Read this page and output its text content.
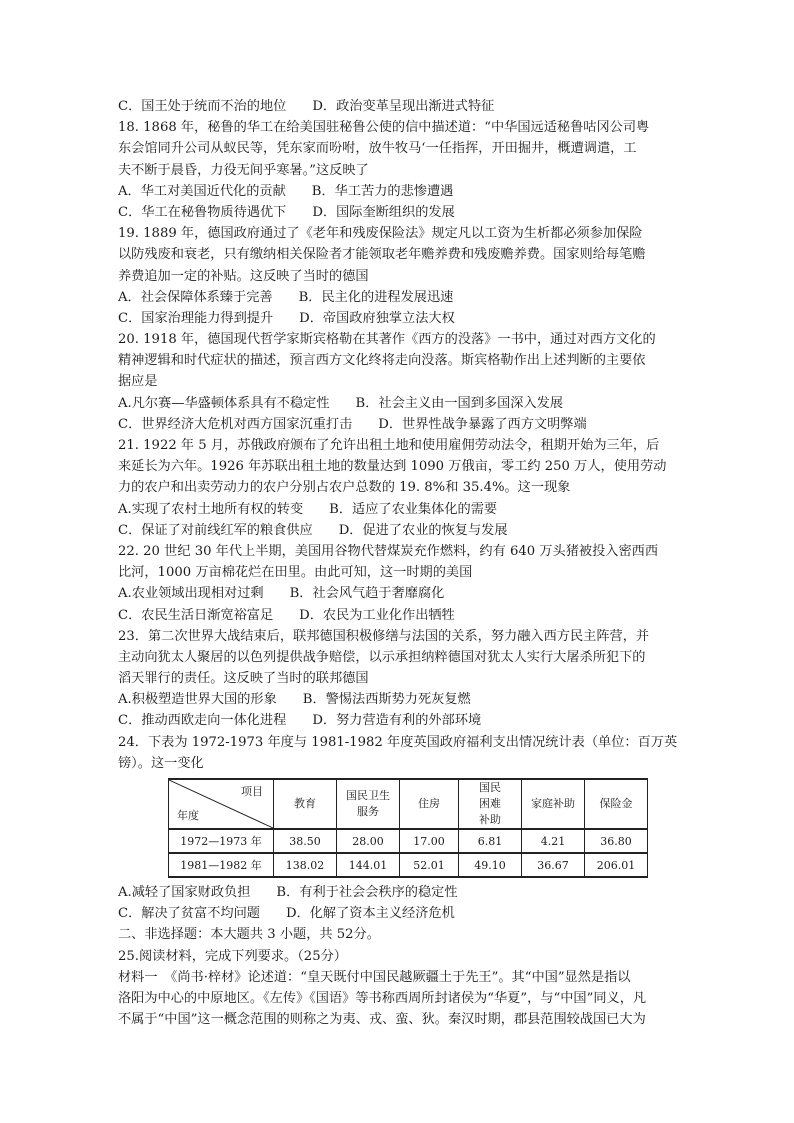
C．国王处于统而不治的地位 D．政治变革呈现出渐进式特征
18. 1868 年，秘鲁的华工在给美国驻秘鲁公使的信中描述道：“中华国远适秘鲁咕冈公司粤
东会馆同升公司从蚁民等，凭东家而吩咐，放牛牧马‘一任指挥，开田掘井，概遭调遣，工
夫不断于晨昏，力役无间乎寒暑。”这反映了
A．华工对美国近代化的贡献 B．华工苦力的悲惨遭遇
C．华工在秘鲁物质待遇优下 D．国际奎断组织的发展
19. 1889 年，德国政府通过了《老年和残废保险法》规定凡以工资为生析都必须参加保险
以防残废和衰老，只有缴纳相关保险者才能领取老年赡养费和残废赡养费。国家则给每笔赡
养费追加一定的补贴。这反映了当时的德国
A．社会保障体系臻于完善 B．民主化的进程发展迅速
C．国家治理能力得到提升 D．帝国政府独掌立法大权
20. 1918 年，德国现代哲学家斯宾格勒在其著作《西方的没落》一书中，通过对西方文化的
精神逻辑和时代症状的描述，预言西方文化终将走向没落。斯宾格勒作出上述判断的主要依
据应是
A.凡尔赛—华盛顿体系具有不稳定性 B．社会主义由一国到多国深入发展
C．世界经济大危机对西方国家沉重打击 D．世界性战争暴露了西方文明弊端
21. 1922 年 5 月，苏俄政府颁布了允许出租土地和使用雇佣劳动法令，租期开始为三年，后
来延长为六年。1926 年苏联出租土地的数量达到 1090 万俄亩，零工约 250 万人，使用劳动
力的农户和出卖劳动力的农户分别占农户总数的 19. 8%和 35.4%。这一现象
A.实现了农村土地所有权的转变 B．适应了农业集体化的需要
C．保证了对前线红军的粮食供应 D．促进了农业的恢复与发展
22. 20 世纪 30 年代上半期，美国用谷物代替煤炭充作燃料，约有 640 万头猪被投入密西西
比河，1000 万亩棉花烂在田里。由此可知，这一时期的美国
A.农业领域出现相对过剩 B．社会风气趋于奢靡腐化
C．农民生活日渐宽裕富足 D．农民为工业化作出牺牲
23．第二次世界大战结束后，联邦德国积极修缮与法国的关系，努力融入西方民主阵营，并
主动向犹太人聚居的以色列提供战争赔偿，以示承担纳粹德国对犹太人实行大屠杀所犯下的
滔天罪行的责任。这反映了当时的联邦德国
A.积极塑造世界大国的形象 B．警惕法西斯势力死灰复燃
C．推动西欧走向一体化进程 D．努力营造有利的外部环境
24．下表为 1972-1973 年度与 1981-1982 年度英国政府福利支出情况统计表（单位：百万英
镑）。这一变化
项目
年度	教育	国民卫生服务	住房	国民困难补助	家庭补助	保险金
1972—1973 年	38.50	28.00	17.00	6.81	4.21	36.80
1981—1982 年	138.02	144.01	52.01	49.10	36.67	206.01
A.减轻了国家财政负担 B．有利于社会会秩序的稳定性
C．解决了贫富不均问题 D．化解了资本主义经济危机
二、非选择题：本大题共 3 小题，共 52分。
25.阅读材料，完成下列要求。（25分）
材料一　《尚书·梓材》论述道：“皇天既付中国民越厥疆土于先王”。其“中国”显然是指以
洛阳为中心的中原地区。《左传》《国语》等书称西周所封诸侯为“华夏”，与“中国”同义，凡
不属于“中国”这一概念范围的则称之为夷、戎、蛮、狄。秦汉时期，郡县范围较战国已大为
